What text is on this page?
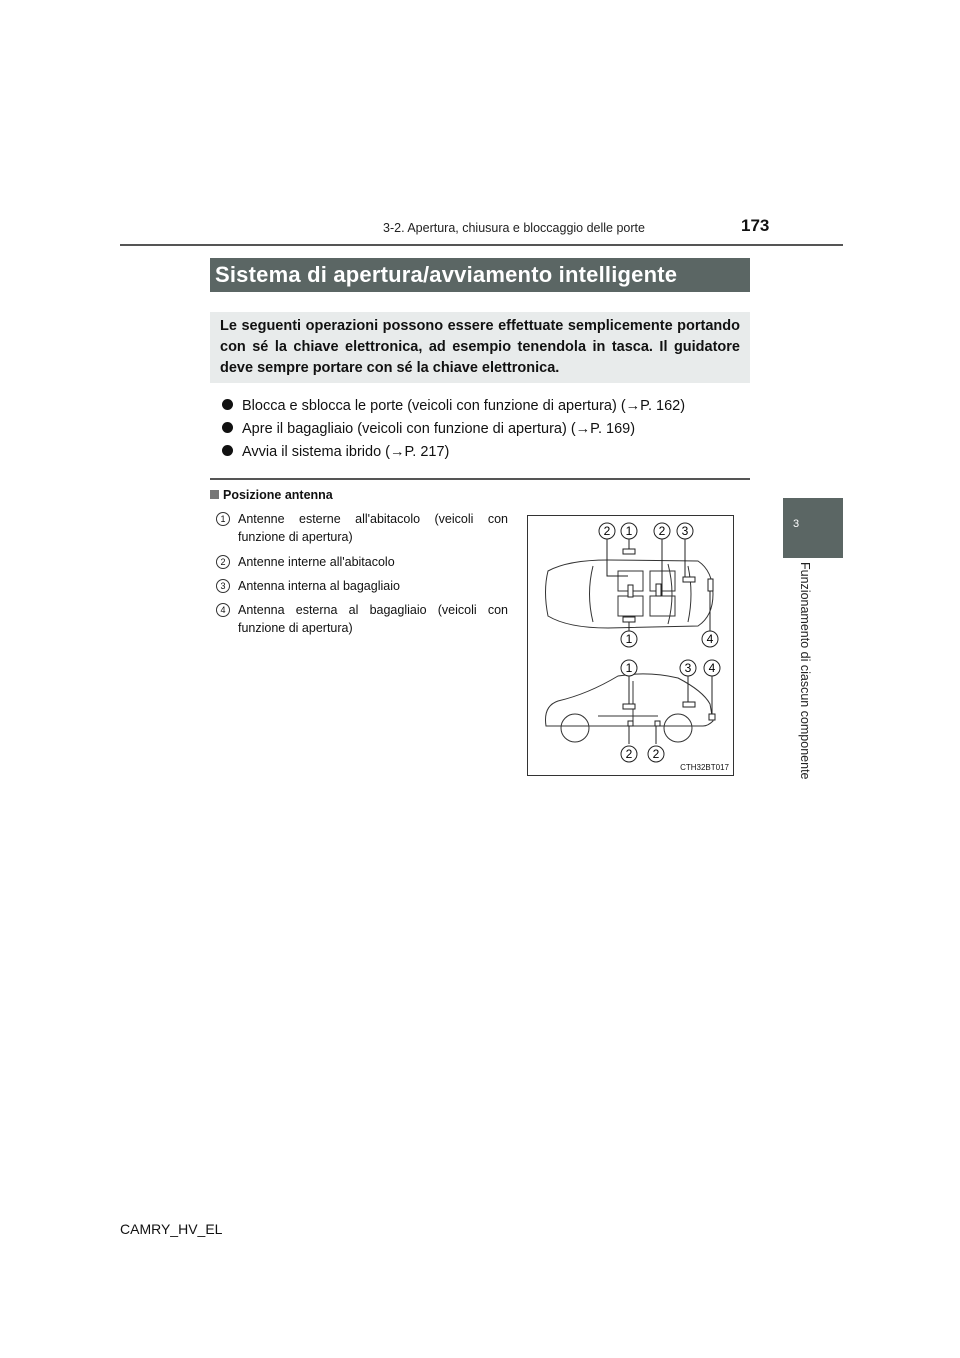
3-2. Apertura, chiusura e bloccaggio delle porte	173
Sistema di apertura/avviamento intelligente

Le seguenti operazioni possono essere effettuate semplicemente portando con sé la chiave elettronica, ad esempio tenendola in tasca. Il guidatore deve sempre portare con sé la chiave elettronica.

Blocca e sblocca le porte (veicoli con funzione di apertura) (→P. 162)
Apre il bagagliaio (veicoli con funzione di apertura) (→P. 169)
Avvia il sistema ibrido (→P. 217)
Posizione antenna
1	Antenne esterne all'abitacolo (veicoli con funzione di apertura)
2	Antenne interne all'abitacolo
3	Antenna interna al bagagliaio
4	Antenna esterna al bagagliaio (veicoli con funzione di apertura)
2 1 2 3
1	4
1	3 4
2 2
CTH32BT017
3
Funzionamento di ciascun componente
CAMRY_HV_EL
